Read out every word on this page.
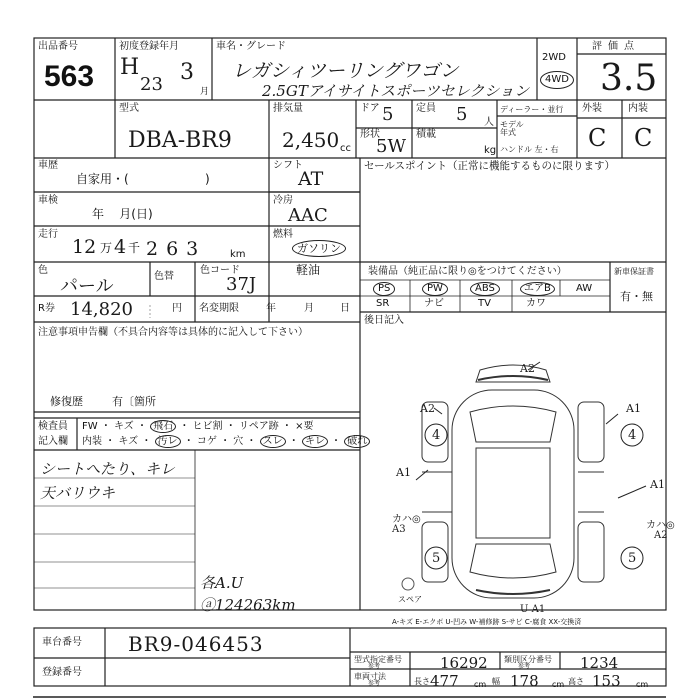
出品番号
563
初度登録年月
H
23 3
月
車名・グレード
レガシィツーリングワゴン
2.5GTアイサイトスポーツセレクション
2WD
4WD
評価点
3.5
型式
DBA-BR9
排気量
2,450 cc
ドア 5 定員 5 人
形状
5W
積載
kg
ディーラー・並行
モデル 年式
ハンドル 左・右
外装	内装
C C
車歴
自家用・(                    )
車検
年    月(日)
走行
12 万 4 千 263 km
色
パール	色替
色コード
37J
R券 14,820	円 名変期限	年	月	日
シフト
AT
冷房
AAC
燃料
ガソリン
軽油
セールスポイント（正常に機能するものに限ります）
装備品（純正品に限り◎をつけてください）	新車保証書
PS	PW	ABS	エアB	AW
SR	ナビ	TV	カワ
有・無
後日記入
注意事項申告欄（不具合内容等は具体的に記入して下さい）
修復歴	有〔箇所
検査員
記入欄
FW ・ キズ ・ 飛石 ・ ヒビ割 ・ リペア跡 ・ ×要
内装 ・ キズ ・ 汚レ ・ コゲ ・ 穴 ・ スレ ・ キレ ・ 破れ
シートへたり、キレ
天バリウキ
各A.U
ⓐ124263km
A2
A2	A1
A1
A1
カハ◎
A3	カハ◎
A2
4	4
5	5
U A1
スペア
車台番号 BR9-046453
登録番号
A-キズ E-エクボ U-凹み W-補修跡 S-サビ C-腐食 XX-交換済
型式指定番号
参考	16292 類別区分番号
参考	1234
車両寸法
参考	長さ 477 cm 幅 178 cm 高さ 153 cm
